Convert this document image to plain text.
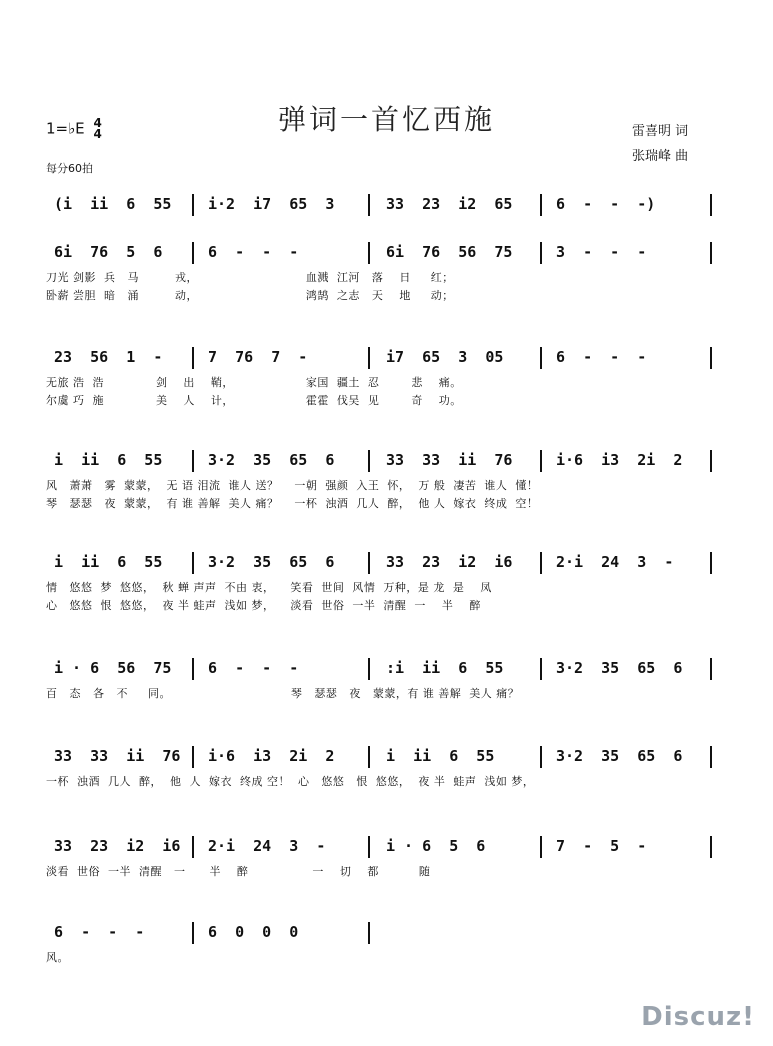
弹词一首忆西施
1=♭E 4
4	雷喜明 词
张瑞峰 曲
每分60拍
(i  ii  6  55	i·2  i7  65  3	33  23  i2  65	6  -  -  -)
6i  76  5  6	6  -  -  -	6i  76  56  75	3  -  -  -
刀光 剑影  兵   马         戎，                           血溅  江河   落    日     红；
卧薪 尝胆  暗   涌         动，                           鸿鹄  之志   天    地     动；
23  56  1  -	7  76  7  -	i7  65  3  05	6  -  -  -
无旅 浩  浩             剑    出    鞘，                  家国  疆土  忍        悲    痛。
尔虞 巧  施             美    人    计，                  霍霍  伐吴  见        奇    功。
i  ii  6  55	3·2  35  65  6	33  33  ii  76	i·6  i3  2i  2
风   萧萧   雾  蒙蒙，  无 语 泪流  谁人 送？    一朝  强颜  入王  怀，  万 般  凄苦  谁人  懂！
琴   瑟瑟   夜  蒙蒙，  有 谁 善解  美人 痛？    一杯  浊酒  几人  醉，  他 人  嫁衣  终成  空！
i  ii  6  55	3·2  35  65  6	33  23  i2  i6	2·i  24  3  -
情   悠悠  梦  悠悠，  秋 蝉 声声  不由 衷，    笑看  世间  风情  万种，是 龙  是    凤
心   悠悠  恨  悠悠，  夜 半 蛙声  浅如 梦，    淡看  世俗  一半  清醒  一    半    醉
i · 6  56  75	6  -  -  -	:i  ii  6  55	3·2  35  65  6
百   态   各   不     同。                              琴   瑟瑟   夜   蒙蒙，有 谁 善解  美人 痛？
33  33  ii  76	i·6  i3  2i  2	i  ii  6  55	3·2  35  65  6
一杯  浊酒  几人  醉，  他  人  嫁衣  终成 空！  心   悠悠   恨  悠悠，  夜 半  蛙声  浅如 梦，
33  23  i2  i6	2·i  24  3  -	i · 6  5  6	7  -  5  -
淡看  世俗  一半  清醒   一      半    醉                一    切    都          随
6  -  -  -	6  0  0  0
风。
Discuz!
